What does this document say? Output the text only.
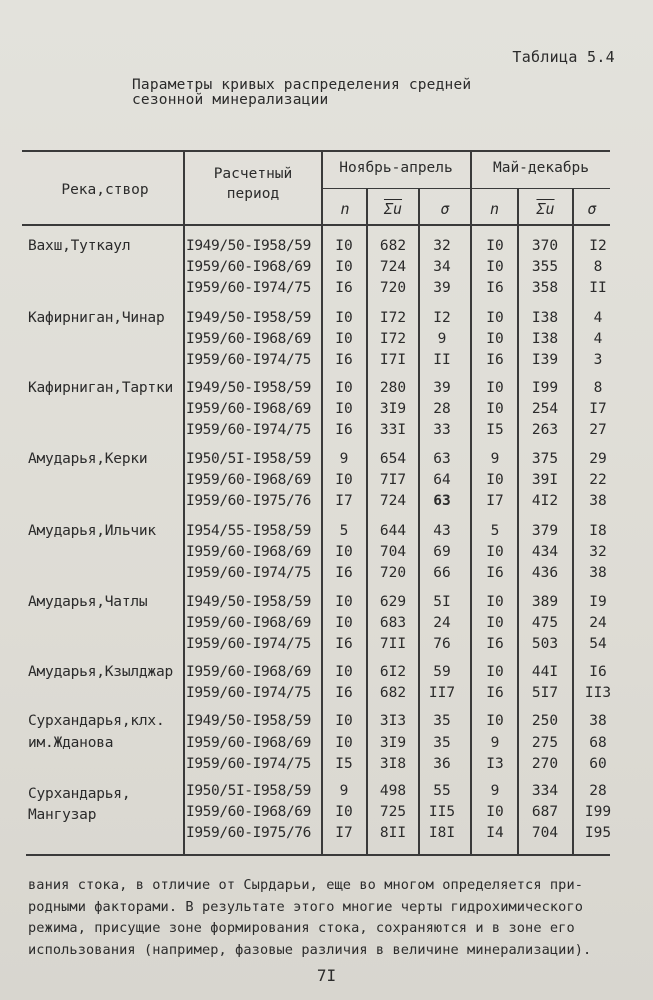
Таблица 5.4
Параметры кривых распределения средней
сезонной минерализации
Река,створ
Расчетный
период
Ноябрь-апрель	Май-декабрь
n	$\overline{\Sigma u}$	σ	n	$\overline{\Sigma u}$	σ
Вахш,Туткаул	I949/50-I958/59	I0	682	32	I0	370	I2
I959/60-I968/69	I0	724	34	I0	355	8
I959/60-I974/75	I6	720	39	I6	358	II
Кафирниган,Чинар I949/50-I958/59	I0	I72	I2	I0	I38	4
I959/60-I968/69	I0	I72	9	I0	I38	4
I959/60-I974/75	I6	I7I	II	I6	I39	3
Кафирниган,Тартки I949/50-I958/59	I0	280	39	I0	I99	8
I959/60-I968/69	I0	3I9	28	I0	254	I7
I959/60-I974/75	I6	33I	33	I5	263	27
Амударья,Керки	I950/5I-I958/59	9	654	63	9	375	29
I959/60-I968/69	I0	7I7	64	I0	39I	22
I959/60-I975/76	I7	724	63	I7	4I2	38
Амударья,Ильчик I954/55-I958/59	5	644	43	5	379	I8
I959/60-I968/69	I0	704	69	I0	434	32
I959/60-I974/75	I6	720	66	I6	436	38
Амударья,Чатлы	I949/50-I958/59	I0	629	5I	I0	389	I9
I959/60-I968/69	I0	683	24	I0	475	24
I959/60-I974/75	I6	7II	76	I6	503	54
Амударья,Кзылджар I959/60-I968/69	I0	6I2	59	I0	44I	I6
I959/60-I974/75	I6	682	II7	I6	5I7	II3
Сурхандарья,клх.
им.Жданова
I949/50-I958/59	I0	3I3	35	I0	250	38
I959/60-I968/69	I0	3I9	35	9	275	68
I959/60-I974/75	I5	3I8	36	I3	270	60
Сурхандарья,
Мангузар
I950/5I-I958/59	9	498	55	9	334	28
I959/60-I968/69	I0	725	II5	I0	687	I99
I959/60-I975/76	I7	8II	I8I	I4	704	I95
вания стока, в отличие от Сырдарьи, еще во многом определяется при-
родными факторами. В результате этого многие черты гидрохимического
режима, присущие зоне формирования стока, сохраняются и в зоне его
использования (например, фазовые различия в величине минерализации).
7I
